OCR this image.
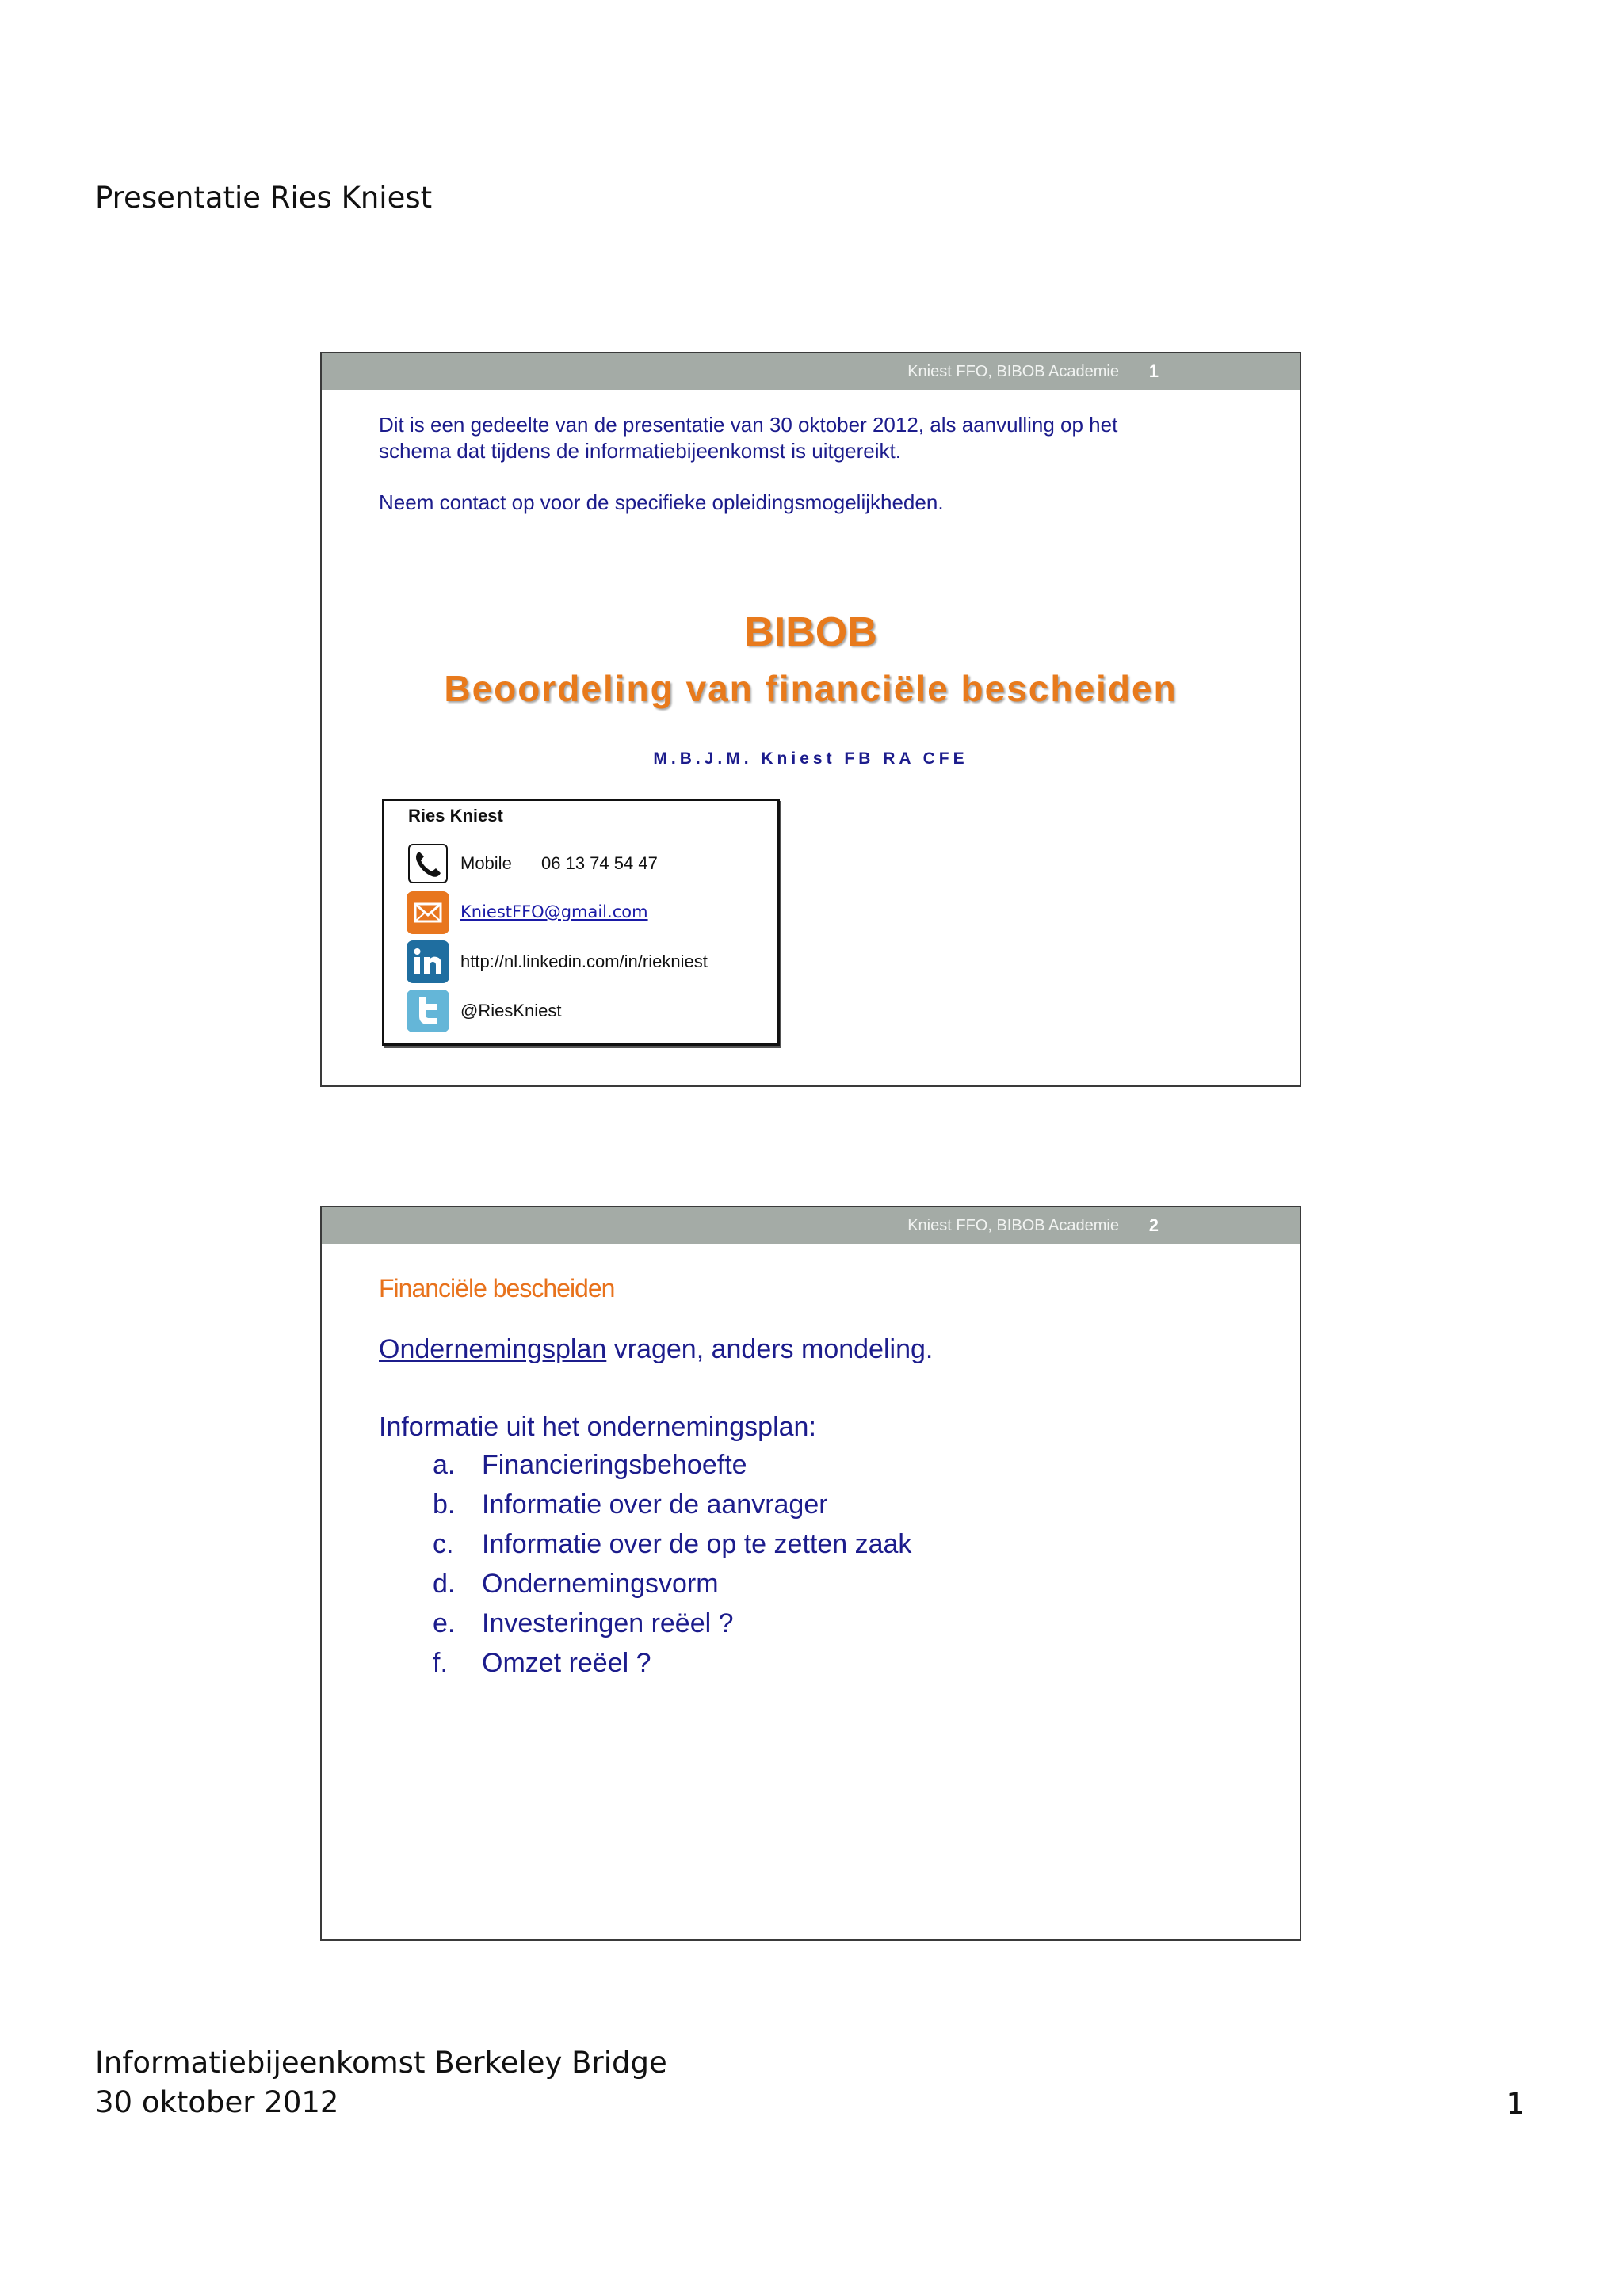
Presentatie Ries Kniest
Kniest FFO, BIBOB Academie 1
Dit is een gedeelte van de presentatie van 30 oktober 2012, als aanvulling op het
schema dat tijdens de informatiebijeenkomst is uitgereikt.
Neem contact op voor de specifieke opleidingsmogelijkheden.
BIBOB
Beoordeling van financiële bescheiden
M.B.J.M. Kniest FB RA CFE
Ries Kniest
Mobile 06 13 74 54 47
KniestFFO@gmail.com
http://nl.linkedin.com/in/riekniest
@RiesKniest
Kniest FFO, BIBOB Academie 2
Financiële bescheiden
Ondernemingsplan vragen, anders mondeling.
Informatie uit het ondernemingsplan:
a. Financieringsbehoefte
b. Informatie over de aanvrager
c. Informatie over de op te zetten zaak
d. Ondernemingsvorm
e. Investeringen reëel ?
f. Omzet reëel ?
Informatiebijeenkomst Berkeley Bridge
30 oktober 2012	1
